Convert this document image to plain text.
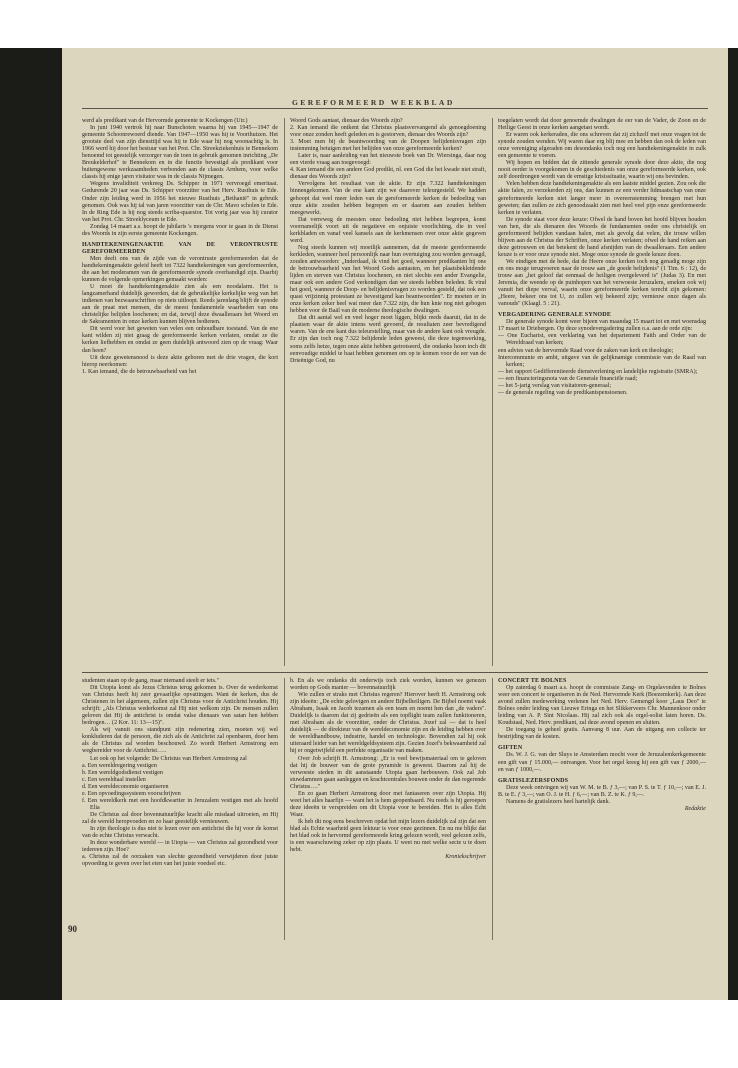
GEREFORMEERD WEEKBLAD

werd als predikant van de Hervormde gemeente te Kockengen (Utr.)

In juni 1940 vertrok hij naar Bunschoten waarna hij van 1945—1947 de gemeente Schoonrewoerd diende. Van 1947—1950 was hij te Voorthuizen. Het grootste deel van zijn diensttijd was hij te Ede waar hij nog woonachtig is. In 1966 werd hij door het bestuur van het Prot. Chr. Streekziekenhuis te Bennekom benoemd tot geestelijk verzorger van de toen in gebruik genomen inrichting „De Breukelderhof" te Bennekom en in die functie bevestigd als predikant voor buitengewone werkzaamheden verbonden aan de classis Arnhem, voor welke classis hij enige jaren visitator was in de classis Nijmegen.

Wegens invaliditeit verkreeg Ds. Schipper in 1971 vervroegd emeritaat. Gedurende 20 jaar was Ds. Schipper voorzitter van het Herv. Rusthuis te Ede. Onder zijn leiding werd in 1956 het nieuwe Rusthuis „Bethanië" in gebruik genomen. Ook was hij tal van jaren voorzitter van de Chr. Mavo scholen te Ede. In de Ring Ede is hij nog steeds scriba-quaestor. Tot vorig jaar was hij curator van het Prot. Chr. Streeklyceum te Ede.

Zondag 14 maart a.s. hoopt de jubilaris 's morgens voor te gaan in de Dienst des Woords in zijn eerste gemeente Kockengen.

HANDTEKENINGENAKTIE VAN DE VERONTRUSTE GEREFORMEERDEN

Men deelt ons van de zijde van de verontruste gereformeerden dat de handtekeningenaktie geleid heeft tot 7322 handtekeningen van gereformeerden, die aan het moderamen van de gereformeerde synode overhandigd zijn. Daarbij kunnen de volgende opmerkingen gemaakt worden:

U moet de handtekeningenaktie zien als een noodalarm. Het is langzamerhand duidelijk geworden, dat de gebruikelijke kerkelijke weg van het indienen van bezwaarschriften op niets uitloopt. Reeds jarenlang blijft de synode aan de praat met mensen, die de meest fundamentele waarheden van ons christelijke belijden loochenen; en dat, terwijl deze dwaalleraars het Woord en de Sakramenten in onze kerken kunnen blijven bedienen.

Dit werd voor het geweten van velen een onhoudbare toestand. Van de ene kant wilden zij niet graag de gereformeerde kerken verlaten, omdat ze die kerken liefhebben en omdat ze geen duidelijk antwoord zien op de vraag: Waar dan heen?

Uit deze gewetensnood is deze aktie geboren met de drie vragen, die kort hierop neerkomen:

1. Kan iemand, die de betrouwbaarheid van het

Woord Gods aantast, dienaar des Woords zijn?

2. Kan iemand die ontkent dat Christus plaatsvervangend als genoegdoening voor onze zonden heeft geleden en is gestorven, dienaar des Woords zijn?

3. Moet men bij de beantwoording van de Doopen belijdenisvragen zijn instemming betuigen met het belijden van onze gereformeerde kerken?

Later is, naar aanleiding van het nieuwste boek van Dr. Wiersinga, daar nog een vierde vraag aan toegevoegd:

4. Kan iemand die een andere God predikt, nl. een God die het kwade niet straft, dienaar des Woords zijn?

Vervolgens het resultaat van de aktie. Er zijn 7.322 handtekeningen binnengekomen. Van de ene kant zijn we daarover teleurgesteld. We hadden gehoopt dat veel meer leden van de gereformeerde kerken de bedoeling van onze aktie zouden hebben begrepen en er daarom aan zouden hebben meegewerkt.

Dat verreweg de meesten onze bedoeling niet hebben begrepen, komt voornamelijk voort uit de negatieve en onjuiste voorlichting, die in veel kerkbladen en vanaf veel kansels aan de kerkmensen over onze aktie gegeven werd.

Nog steeds kunnen wij moeilijk aannemen, dat de meeste gereformeerde kerkleden, wanneer heel persoonlijk naar hun overtuiging zou worden gevraagd, zouden antwoorden: „Inderdaad, ik vind het goed, wanneer predikanten bij ons de betrouwbaarheid van het Woord Gods aantasten, en het plaatsbekleidende lijden en sterven van Christus loochenen, en niet slechts een ander Evangelie, maar ook een andere God verkondigen dan we steeds hebben beleden. Ik vind het goed, wanneer de Doop- en belijdenisvragen zo worden gesteld, dat ook een quasi vrijzinnig protestant ze bevestigend kan beantwoorden". Er moeten er in onze kerken zeker heel wat meer dan 7.322 zijn, die hun knie nog niet gebogen hebben voor de Baäl van de moderne theologische dwalingen.

Dat dit aantal wel en veel hoger moet liggen, blijkt reeds daaruit, dat in de plaatsen waar de aktie intens werd gevoerd, de resultaten zeer bevredigend waren. Van de ene kant dus teleurstelling, maar van de andere kant ook vreugde. Er zijn dan toch nog 7.322 belijdende leden geweest, die deze tegenwerking, soms zelfs hetze, tegen onze aktie hebben getrotseerd, die ondanks hoon toch dit eenvoudige middel te baat hebben genomen om op te komen voor de eer van de Drieënige God, nu

toegelaten wordt dat door genoemde dwalingen de eer van de Vader, de Zoon en de Heilige Geest in onze kerken aangetast wordt.

Er waren ook kerkeraden, die ons schreven dat zij zichzelf met onze vragen tot de synode zouden wenden. Wij waren daar erg blij mee en hebben dan ook de leden van onze vereniging afgeraden om desondanks toch nog een handtekeningenaktie in zulk een gemeente te voeren.

Wij hopen en bidden dat de zittende generale synode door deze aktie, die nog nooit eerder is voorgekomen in de geschiedenis van onze gereformeerde kerken, ook zelf doordrongen wordt van de ernstige krisissituatie, waarin wij ons bevinden.

Velen hebben deze handtekeningenaktie als een laatste middel gezien. Zou ook die aktie falen, zo verzekerden zij ons, dan kunnen ze een verder lidmaatschap van onze gereformeerde kerken niet langer meer in overeenstemming brengen met hun geweten; dan zullen ze zich genoodzaakt zien met heel veel pijn onze gereformeerde kerken te verlaten.

De synode staat voor deze keuze: Ofwel de hand boven het hoofd blijven houden van hen, die als dienaren des Woords de fundamenten onder ons christelijk en gereformeerd belijden vandaan halen, met als gevolg dat velen, die trouw willen blijven aan de Christus der Schriften, onze kerken verlaten; ofwel de hand reiken aan deze getrouwen en dat betekent de hand afsnijden van de dwaalleraars. Een andere keuze is er voor onze synode niet. Moge onze synode de goede keuze doen.

We eindigen met de bede, dat de Heere onze kerken toch nog genadig moge zijn en ons moge terugvoeren naar de trouw aan „de goede belijdenis" (1 Tim. 6 : 12), de trouw aan „het geloof dat eenmaal de heiligen overgeleverd is" (Judas 3). En met Jeremia, die weende op de puinhopen van het verwoeste Jeruzalem, smeken ook wij vanuit het diepe verval, waarin onze gereformeerde kerken terecht zijn gekomen: „Heere, bekeer ons tot U, zo zullen wij bekeerd zijn; vernieuw onze dagen als vanouds" (Klaagl. 5 : 21).

VERGADERING GENERALE SYNODE

De generale synode komt weer bijeen van maandag 15 maart tot en met woensdag 17 maart te Driebergen. Op deze synodevergadering zullen o.a. aan de orde zijn:

— One Eucharist, een verklaring van het departement Faith and Order van de Wereldraad van kerken;
een advies van de hervormde Raad voor de zaken van kerk en theologie;
Intercommunie en ambt, uitgave van de gelijknamige commissie van de Raad van kerken;
— het rapport Gedifferentieerde dienstverlening en landelijke registratie (SMRA);
— een financieringsnota van de Generale financiële raad;
— het 5-jarig verslag van visitatoren-generaal;
— de generale regeling van de predikantspensioenen.

studenten staan op de gang, maar niemand steelt er iets."

Dit Utopia komt als Jezus Christus terug gekomen is. Over de wederkomst van Christus heeft hij zeer gevaarlijke opvattingen. Want de kerken, dus de Christenen in het algemeen, zullen zijn Christus voor de Antichrist houden. Hij schrijft: „Als Christus wederkomst zal Hij niet welkom zijn. De mensen zullen geloven dat Hij de antichrist is omdat valse dienaars van satan hen hebben bedrogen… (2 Kor. 11: 13—15)".

Als wij vanuit ons standpunt zijn redenering zien, moeten wij wel konkluderen dat de persoon, die zich als de Antichrist zal openbaren, door hem als de Christus zal worden beschouwd. Zo wordt Herbert Armstrong een wegbereider voor de Antichrist…..

Let ook op het volgende: De Christus van Herbert Armstrong zal

a. Een wereldregering vestigen
b. Een wereldgodsdienst vestigen
c. Een wereldtaal instellen
d. Een wereldeconomie organiseren
e. Een opvoedingssysteem voorschrijven
f. Een wereldkerk met een hoofdkwartier in Jeruzalem vestigen met als hoofd Elia

De Christus zal door bovennatuurlijke kracht alle misdaad uitroeien, en Hij zal de wereld heropvoeden en zo haar geestelijk vernieuwen.

In zijn theologie is dus niet te lezen over een antichrist die hij voor de komst van de echte Christus verwacht.

In deze wonderbare wereld — in Utopia — van Christus zal gezondheid voor iedereen zijn. Hoe?

a. Christus zal de oorzaken van slechte gezondheid verwijderen door juiste opvoeding te geven over het eten van het juiste voedsel etc.

b. En als we ondanks dit onderwijs toch ziek worden, kunnen we genezen worden op Gods manier — bovennatuurlijk

Wie zullen er straks met Christus regeren? Hierover heeft H. Armstrong ook zijn ideeën: „De echte gelovigen en andere Bijbelheiligen. De Bijbel noemt vaak Abraham, Isaak en Jacob tezamen als een team en noemt hen dan „de vaders". Duidelijk is daarom dat zij gedrieën als een topflight team zullen funktioneren, met Abraham als de voorzitter, onder de Christus. Jozef zal — dat is heel duidelijk — de direkteur van de wereldeconomie zijn en de leiding hebben over de wereldhandbouw, industrie, handel en technologie. Bovendien zal hij ook uiteraard leider van het wereldgeldsysteem zijn. Gezien Jozef's bekwaamheid zal hij er ongetwijfeld een perfekte organisatie van maken.

Over Job schrijft H. Armstrong: „Er is veel bewijsmateriaal om te geloven dat hij de bouwer van de grote pyramide is geweest. Daarom zal hij de verwoeste steden in dit aanstaande Utopia gaan herbouwen. Ook zal Job stuwdammen gaan aanleggen en krachtcentrales bouwen onder de dan regerende Christus…."

En zo gaan Herbert Armstrong door met fantaseren over zijn Utopia. Hij weet het alles haarfijn — want het is hem geopenbaard. Nu reeds is hij geroepen deze ideeën te verspreiden om dit Utopia voor te bereiden. Het is alles Echt Waar.

Ik heb dit nog eens beschreven opdat het mijn lezers duidelijk zal zijn dat een blad als Echte waarheid geen lektuur is voor onze gezinnen. En nu me blijkt dat het blad ook in hervormd gereformeerde kring gelezen wordt, veel gelezen zelfs, is een waarschuwing zeker op zijn plaats. U weet nu met welke secte u te doen hebt.

Kroniekschrijver

CONCERT TE BOLNES

Op zaterdag 6 maart a.s. hoopt de commissie Zang- en Orgelavonden te Bolnes weer een concert te organiseren in de Ned. Hervormde Kerk (Boezemkerk). Aan deze avond zullen medewerking verlenen het Ned. Herv. Gemengd koor „Laus Deo" te Bolnes onder leiding van Lieuwe Eringa en het Slikkerveers Chr. Mannenkoor onder leiding van A. P. Sint Nicolaas. Hij zal zich ook als orgel-solist laten horen. Ds. Koudstaal, Ned. Herv. predikant, zal deze avond openen en sluiten.

De toegang is geheel gratis. Aanvang 8 uur. Aan de uitgang een collecte ter bestrijding van de kosten.

GIFTEN

Ds. W. J. G. van der Sluys te Amsterdam mocht voor de Jeruzalemkerkgemeente een gift van ƒ 15.000,— ontvangen. Voor het orgel kreeg hij een gift van ƒ 2000,— en van ƒ 1000,—.

GRATISLEZERSFONDS

Deze week ontvingen wij van W. M. te B. ƒ 3,—; van P. S. te T. ƒ 10,—; van E. J. B. te E. ƒ 3,—; van O. J. te H. ƒ 6,—; van B. Z. te K. ƒ 9,—.

Namens de gratislezers heel hartelijk dank.

Redaktie

90
